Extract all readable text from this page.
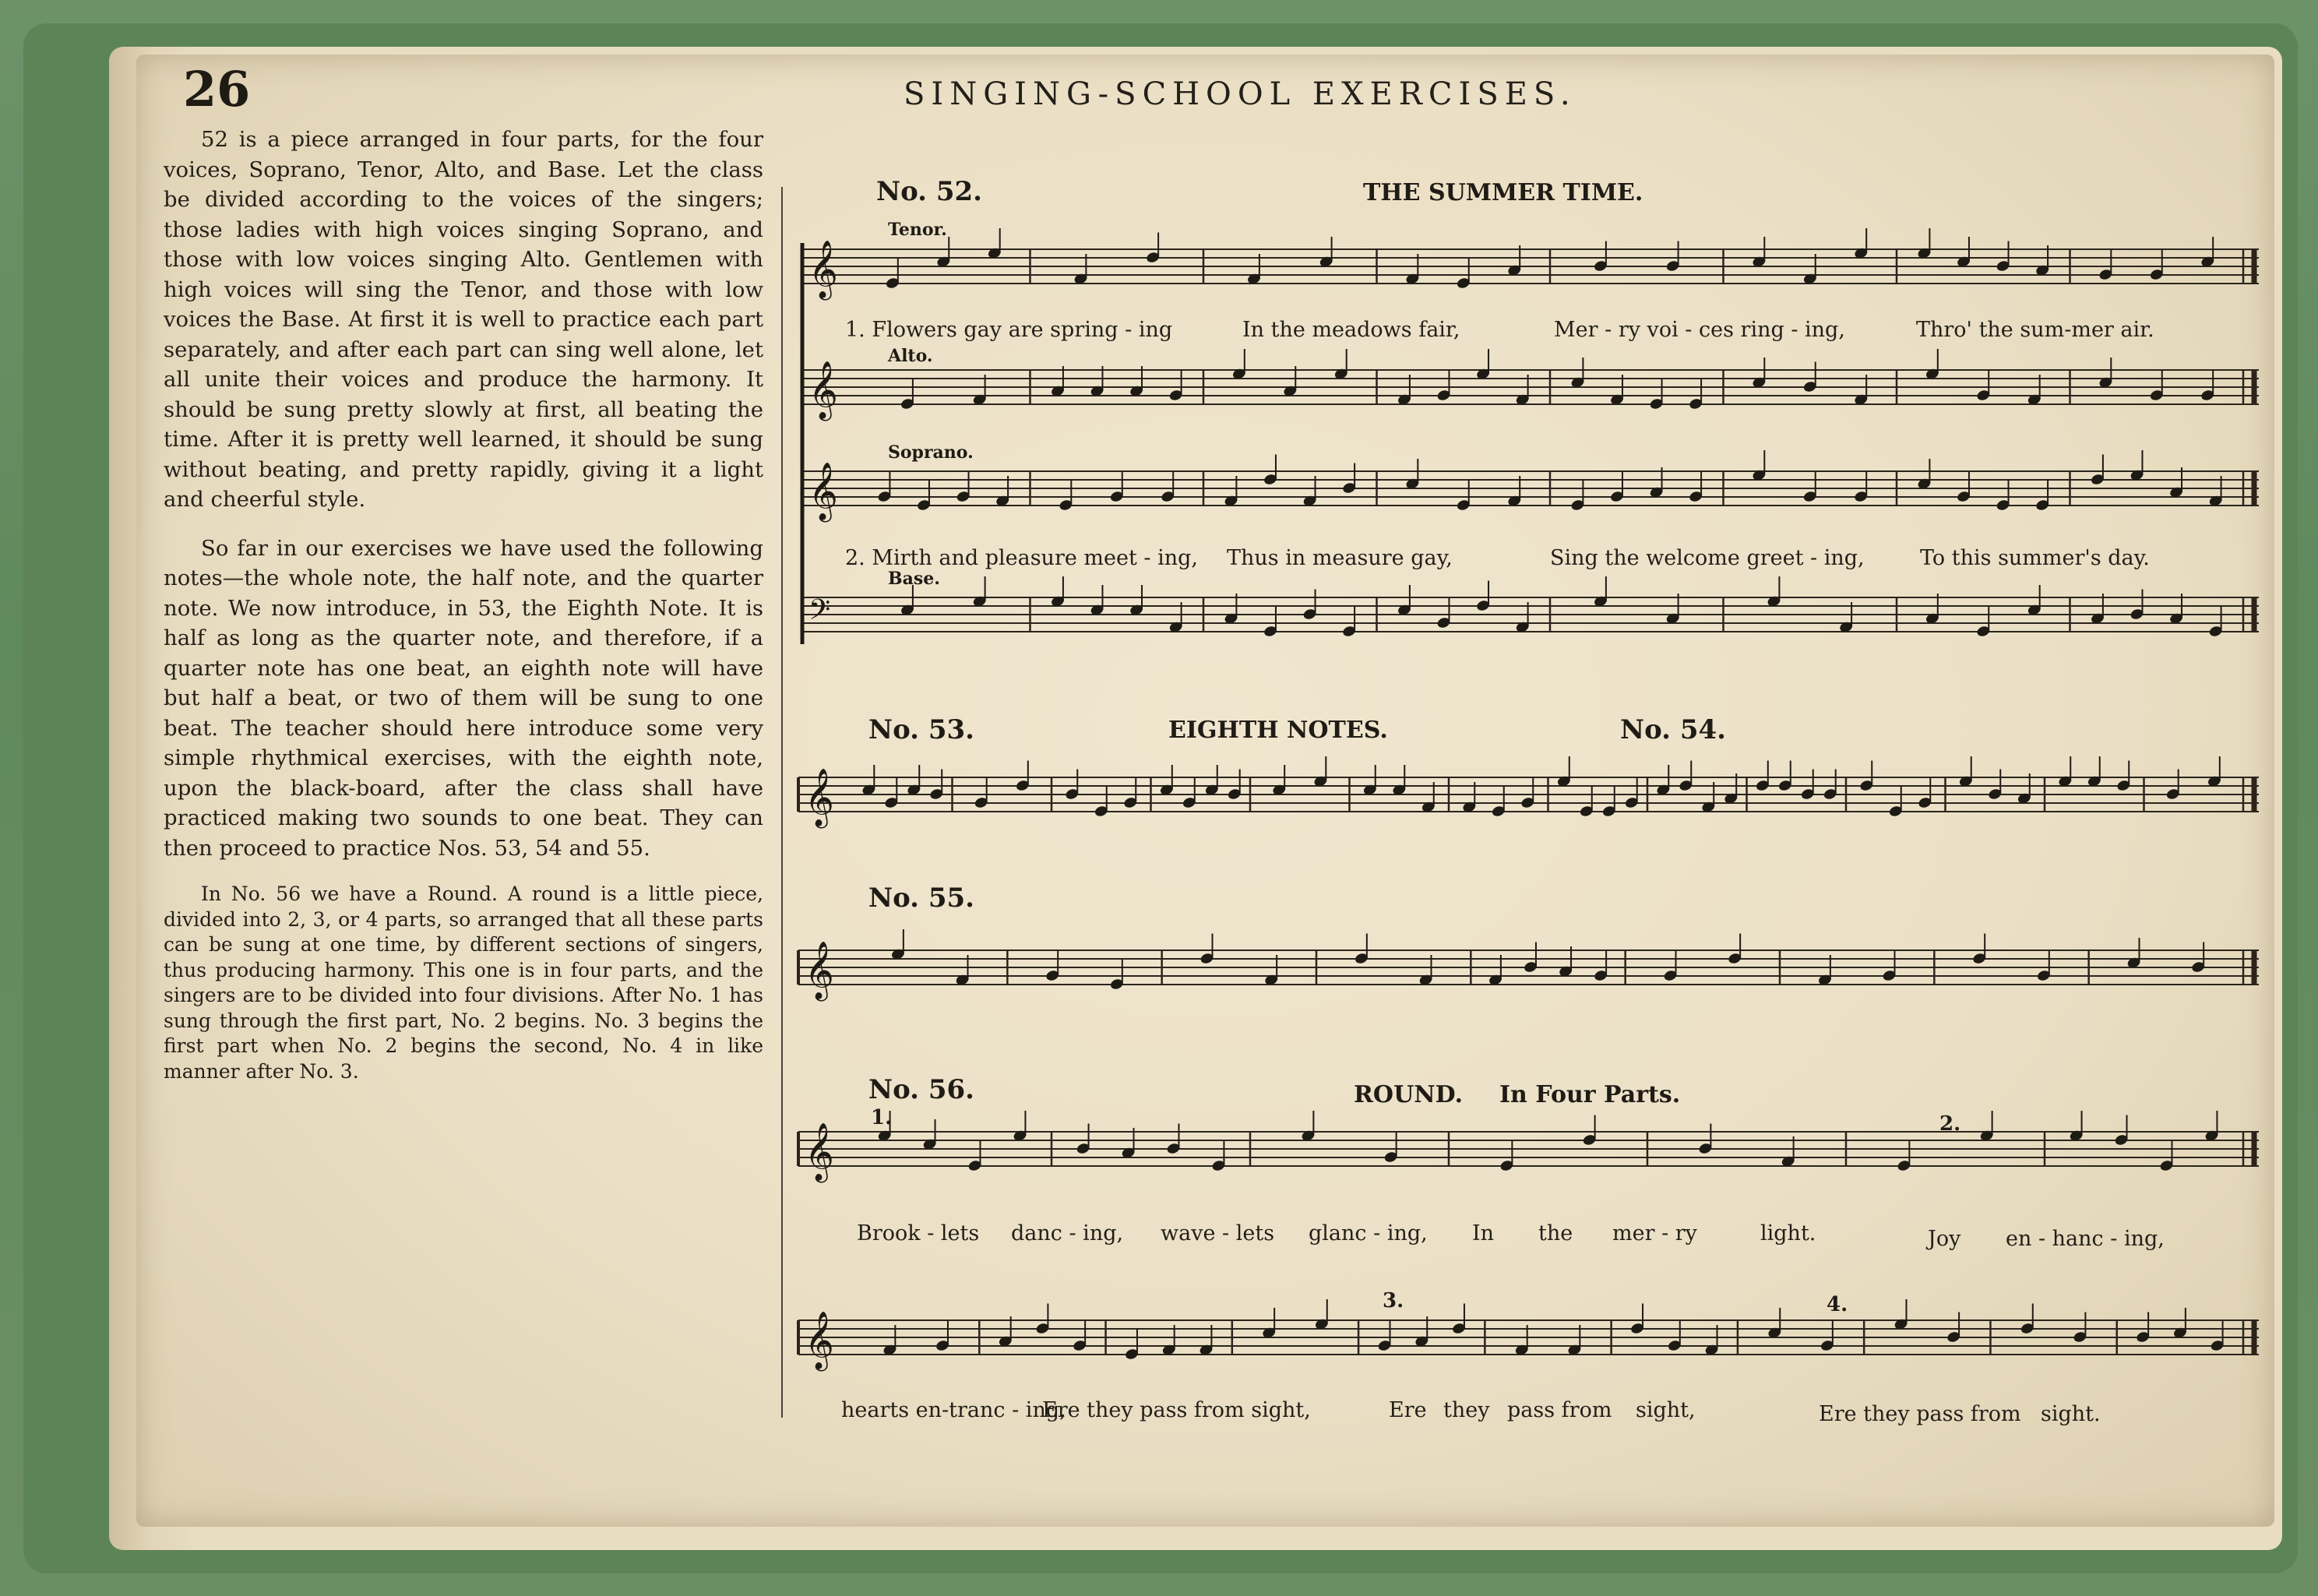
26	SINGING-SCHOOL EXERCISES.

52 is a piece arranged in four parts, for the four voices, Soprano, Tenor, Alto, and Base. Let the class be divided according to the voices of the singers; those ladies with high voices singing Soprano, and those with low voices singing Alto. Gentlemen with high voices will sing the Tenor, and those with low voices the Base. At first it is well to practice each part separately, and after each part can sing well alone, let all unite their voices and produce the harmony. It should be sung pretty slowly at first, all beating the time. After it is pretty well learned, it should be sung without beating, and pretty rapidly, giving it a light and cheerful style.

So far in our exercises we have used the following notes—the whole note, the half note, and the quarter note. We now introduce, in 53, the Eighth Note. It is half as long as the quarter note, and therefore, if a quarter note has one beat, an eighth note will have but half a beat, or two of them will be sung to one beat. The teacher should here introduce some very simple rhythmical exercises, with the eighth note, upon the black-board, after the class shall have practiced making two sounds to one beat. They can then proceed to practice Nos. 53, 54 and 55.

In No. 56 we have a Round. A round is a little piece, divided into 2, 3, or 4 parts, so arranged that all these parts can be sung at one time, by different sections of singers, thus producing harmony. This one is in four parts, and the singers are to be divided into four divisions. After No. 1 has sung through the first part, No. 2 begins. No. 3 begins the first part when No. 2 begins the second, No. 4 in like manner after No. 3.

No. 52.	THE SUMMER TIME.
Tenor.
Alto.
Soprano.
Base.
1. Flowers gay are spring - ing	In the meadows fair,	Mer - ry voi - ces ring - ing,	Thro' the sum-mer air.
2. Mirth and pleasure meet - ing, Thus in measure gay,	Sing the welcome greet - ing,	To this summer's day.
No. 53.	EIGHTH NOTES.	No. 54.
No. 55.
No. 56.	ROUND. In Four Parts.
1.	2.
3.	4.
Brook - lets danc - ing, wave - lets glanc - ing, In the mer - ry	light.	Joy en - hanc - ing,
hearts en-tranc - ing,
Ere they pass from sight,	Ere they pass from sight,	Ere they pass from sight.
𝄞
𝄞
𝄞
𝄢
𝄞
𝄞
𝄞
𝄞
